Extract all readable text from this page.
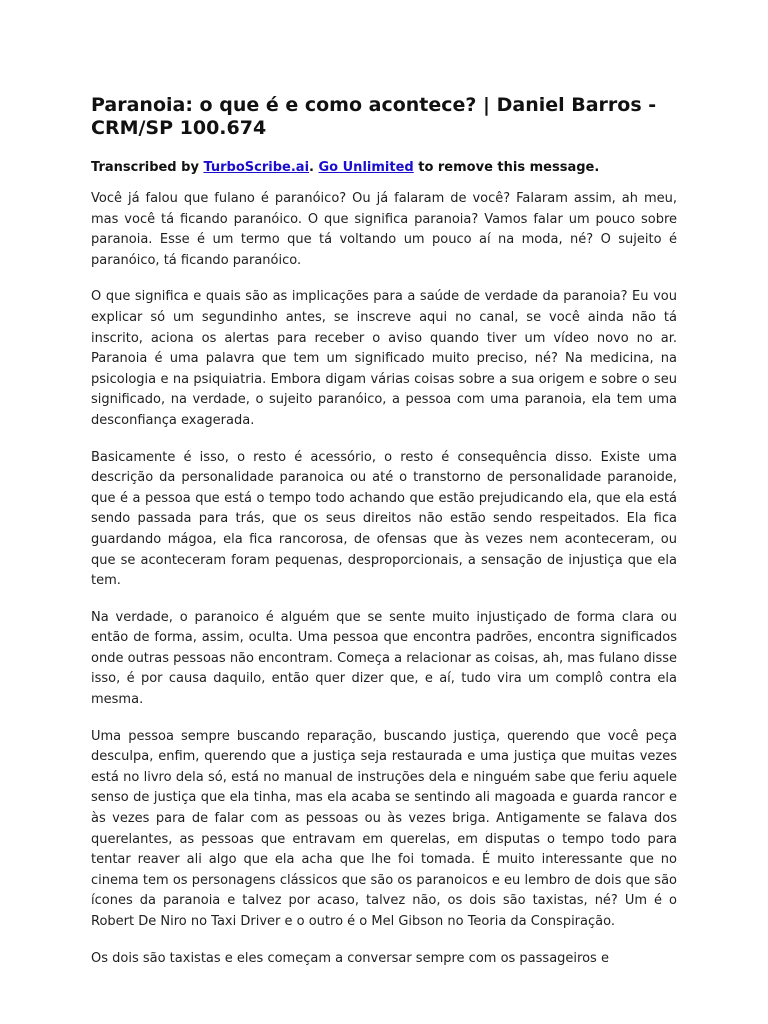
Paranoia: o que é e como acontece? | Daniel Barros - CRM/SP 100.674

Transcribed by TurboScribe.ai. Go Unlimited to remove this message.

Você já falou que fulano é paranóico? Ou já falaram de você? Falaram assim, ah meu, mas você tá ficando paranóico. O que significa paranoia? Vamos falar um pouco sobre paranoia. Esse é um termo que tá voltando um pouco aí na moda, né? O sujeito é paranóico, tá ficando paranóico.

O que significa e quais são as implicações para a saúde de verdade da paranoia? Eu vou explicar só um segundinho antes, se inscreve aqui no canal, se você ainda não tá inscrito, aciona os alertas para receber o aviso quando tiver um vídeo novo no ar. Paranoia é uma palavra que tem um significado muito preciso, né? Na medicina, na psicologia e na psiquiatria. Embora digam várias coisas sobre a sua origem e sobre o seu significado, na verdade, o sujeito paranóico, a pessoa com uma paranoia, ela tem uma desconfiança exagerada.

Basicamente é isso, o resto é acessório, o resto é consequência disso. Existe uma descrição da personalidade paranoica ou até o transtorno de personalidade paranoide, que é a pessoa que está o tempo todo achando que estão prejudicando ela, que ela está sendo passada para trás, que os seus direitos não estão sendo respeitados. Ela fica guardando mágoa, ela fica rancorosa, de ofensas que às vezes nem aconteceram, ou que se aconteceram foram pequenas, desproporcionais, a sensação de injustiça que ela tem.

Na verdade, o paranoico é alguém que se sente muito injustiçado de forma clara ou então de forma, assim, oculta. Uma pessoa que encontra padrões, encontra significados onde outras pessoas não encontram. Começa a relacionar as coisas, ah, mas fulano disse isso, é por causa daquilo, então quer dizer que, e aí, tudo vira um complô contra ela mesma.

Uma pessoa sempre buscando reparação, buscando justiça, querendo que você peça desculpa, enfim, querendo que a justiça seja restaurada e uma justiça que muitas vezes está no livro dela só, está no manual de instruções dela e ninguém sabe que feriu aquele senso de justiça que ela tinha, mas ela acaba se sentindo ali magoada e guarda rancor e às vezes para de falar com as pessoas ou às vezes briga. Antigamente se falava dos querelantes, as pessoas que entravam em querelas, em disputas o tempo todo para tentar reaver ali algo que ela acha que lhe foi tomada. É muito interessante que no cinema tem os personagens clássicos que são os paranoicos e eu lembro de dois que são ícones da paranoia e talvez por acaso, talvez não, os dois são taxistas, né? Um é o Robert De Niro no Taxi Driver e o outro é o Mel Gibson no Teoria da Conspiração.

Os dois são taxistas e eles começam a conversar sempre com os passageiros e
